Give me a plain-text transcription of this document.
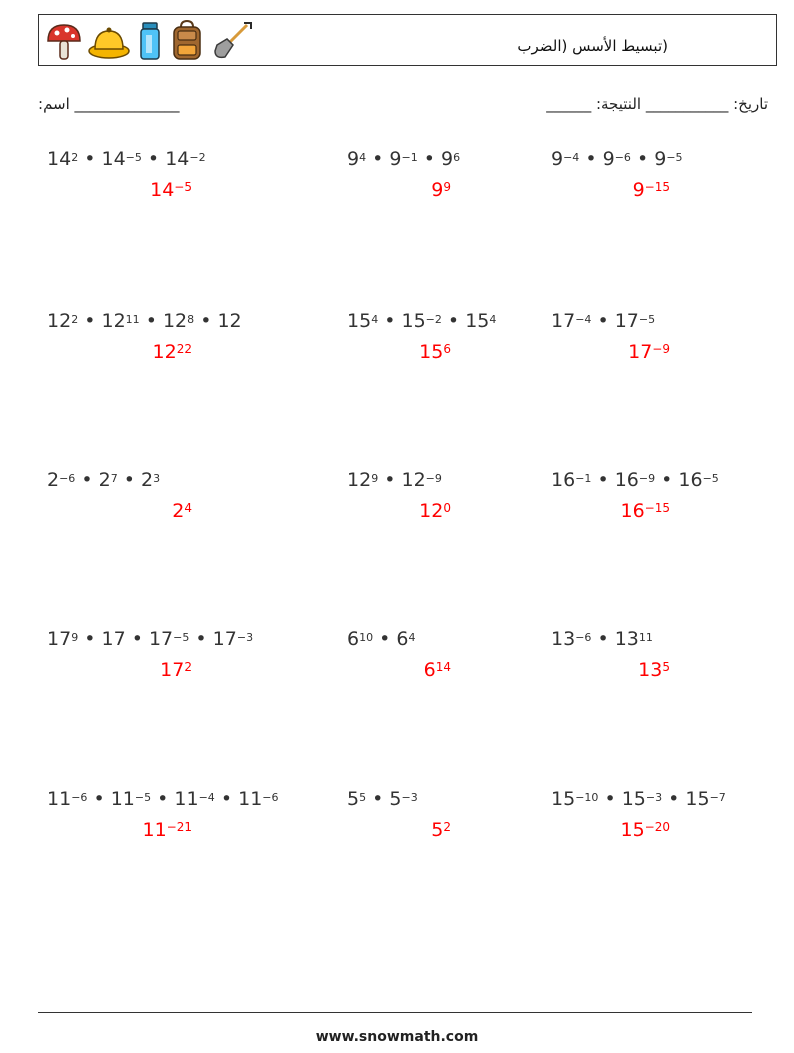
(تبسيط الأسس (الضرب
:اسم ______________	______ :تاريخ: ___________ النتيجة
$14^2$ • $14^{-5}$ • $14^{-2}$
$14^{-5}$
$9^4$ • $9^{-1}$ • $9^6$
$9^9$
$9^{-4}$ • $9^{-6}$ • $9^{-5}$
$9^{-15}$
$12^2$ • $12^{11}$ • $12^8$ • 12
$12^{22}$
$15^4$ • $15^{-2}$ • $15^4$
$15^6$
$17^{-4}$ • $17^{-5}$
$17^{-9}$
$2^{-6}$ • $2^7$ • $2^3$
$2^4$
$12^9$ • $12^{-9}$
$12^0$
$16^{-1}$ • $16^{-9}$ • $16^{-5}$
$16^{-15}$
$17^9$ • 17 • $17^{-5}$ • $17^{-3}$
$17^2$
$6^{10}$ • $6^4$
$6^{14}$
$13^{-6}$ • $13^{11}$
$13^5$
$11^{-6}$ • $11^{-5}$ • $11^{-4}$ • $11^{-6}$
$11^{-21}$
$5^5$ • $5^{-3}$
$5^2$
$15^{-10}$ • $15^{-3}$ • $15^{-7}$
$15^{-20}$
www.snowmath.com
